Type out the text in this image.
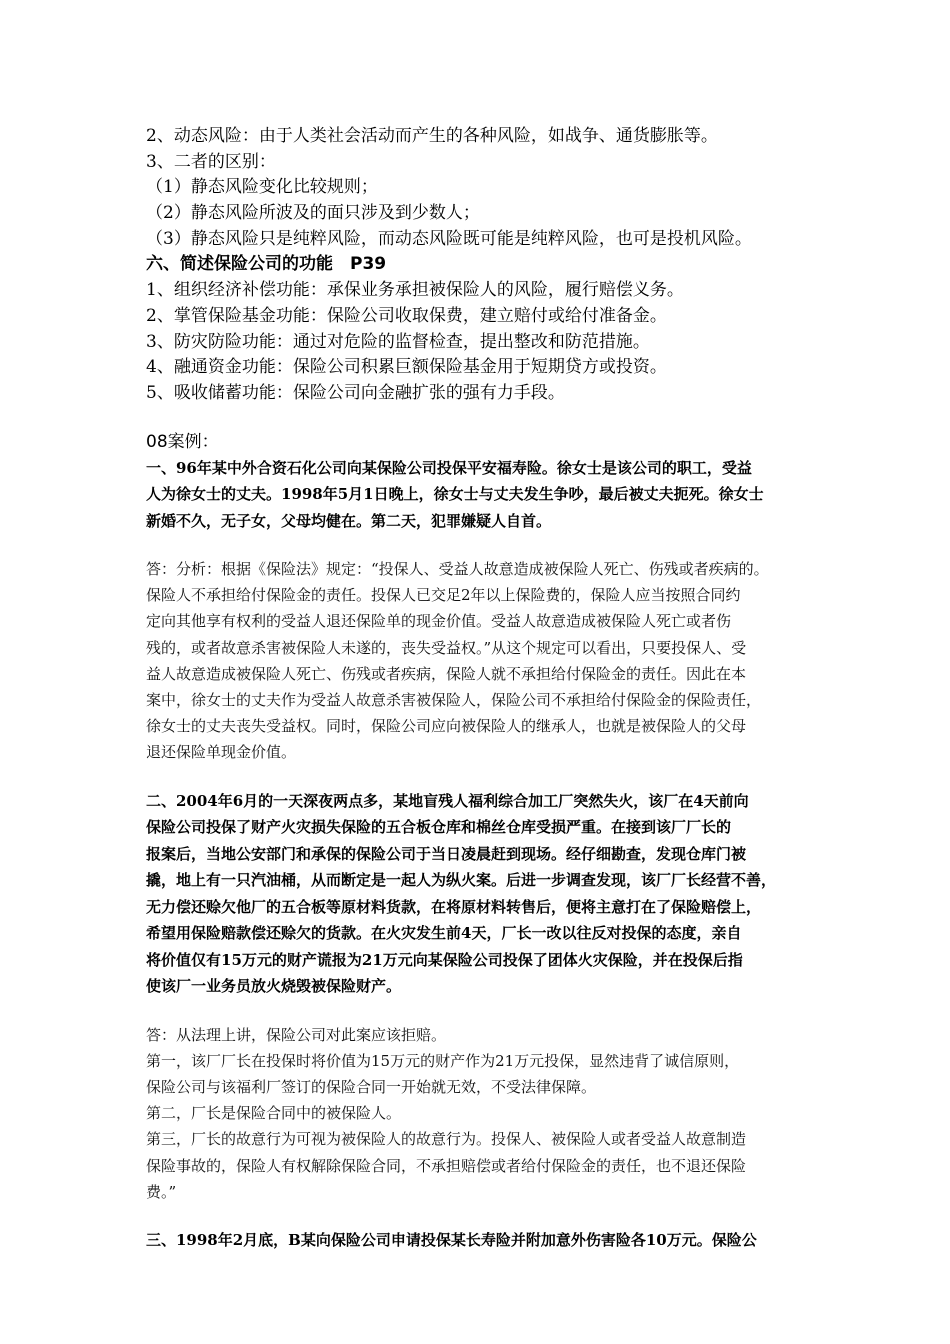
2、动态风险：由于人类社会活动而产生的各种风险，如战争、通货膨胀等。
3、二者的区别：
（1）静态风险变化比较规则；
（2）静态风险所波及的面只涉及到少数人；
（3）静态风险只是纯粹风险，而动态风险既可能是纯粹风险，也可是投机风险。
六、简述保险公司的功能　P39
1、组织经济补偿功能：承保业务承担被保险人的风险，履行赔偿义务。
2、掌管保险基金功能：保险公司收取保费，建立赔付或给付准备金。
3、防灾防险功能：通过对危险的监督检查，提出整改和防范措施。
4、融通资金功能：保险公司积累巨额保险基金用于短期贷方或投资。
5、吸收储蓄功能：保险公司向金融扩张的强有力手段。
08案例：
一、96年某中外合资石化公司向某保险公司投保平安福寿险。徐女士是该公司的职工，受益
人为徐女士的丈夫。1998年5月1日晚上，徐女士与丈夫发生争吵，最后被丈夫扼死。徐女士
新婚不久，无子女，父母均健在。第二天，犯罪嫌疑人自首。
答：分析：根据《保险法》规定：“投保人、受益人故意造成被保险人死亡、伤残或者疾病的。
保险人不承担给付保险金的责任。投保人已交足2年以上保险费的，保险人应当按照合同约
定向其他享有权利的受益人退还保险单的现金价值。受益人故意造成被保险人死亡或者伤
残的，或者故意杀害被保险人未遂的，丧失受益权。”从这个规定可以看出，只要投保人、受
益人故意造成被保险人死亡、伤残或者疾病，保险人就不承担给付保险金的责任。因此在本
案中，徐女士的丈夫作为受益人故意杀害被保险人，保险公司不承担给付保险金的保险责任，
徐女士的丈夫丧失受益权。同时，保险公司应向被保险人的继承人，也就是被保险人的父母
退还保险单现金价值。
二、2004年6月的一天深夜两点多，某地盲残人福利综合加工厂突然失火，该厂在4天前向
保险公司投保了财产火灾损失保险的五合板仓库和棉丝仓库受损严重。在接到该厂厂长的
报案后，当地公安部门和承保的保险公司于当日凌晨赶到现场。经仔细勘查，发现仓库门被
撬，地上有一只汽油桶，从而断定是一起人为纵火案。后进一步调查发现，该厂厂长经营不善，
无力偿还赊欠他厂的五合板等原材料货款，在将原材料转售后，便将主意打在了保险赔偿上，
希望用保险赔款偿还赊欠的货款。在火灾发生前4天，厂长一改以往反对投保的态度，亲自
将价值仅有15万元的财产谎报为21万元向某保险公司投保了团体火灾保险，并在投保后指
使该厂一业务员放火烧毁被保险财产。
答：从法理上讲，保险公司对此案应该拒赔。
第一，该厂厂长在投保时将价值为15万元的财产作为21万元投保，显然违背了诚信原则，
保险公司与该福利厂签订的保险合同一开始就无效，不受法律保障。
第二，厂长是保险合同中的被保险人。
第三，厂长的故意行为可视为被保险人的故意行为。投保人、被保险人或者受益人故意制造
保险事故的，保险人有权解除保险合同，不承担赔偿或者给付保险金的责任，也不退还保险
费。”
三、1998年2月底，B某向保险公司申请投保某长寿险并附加意外伤害险各10万元。保险公
